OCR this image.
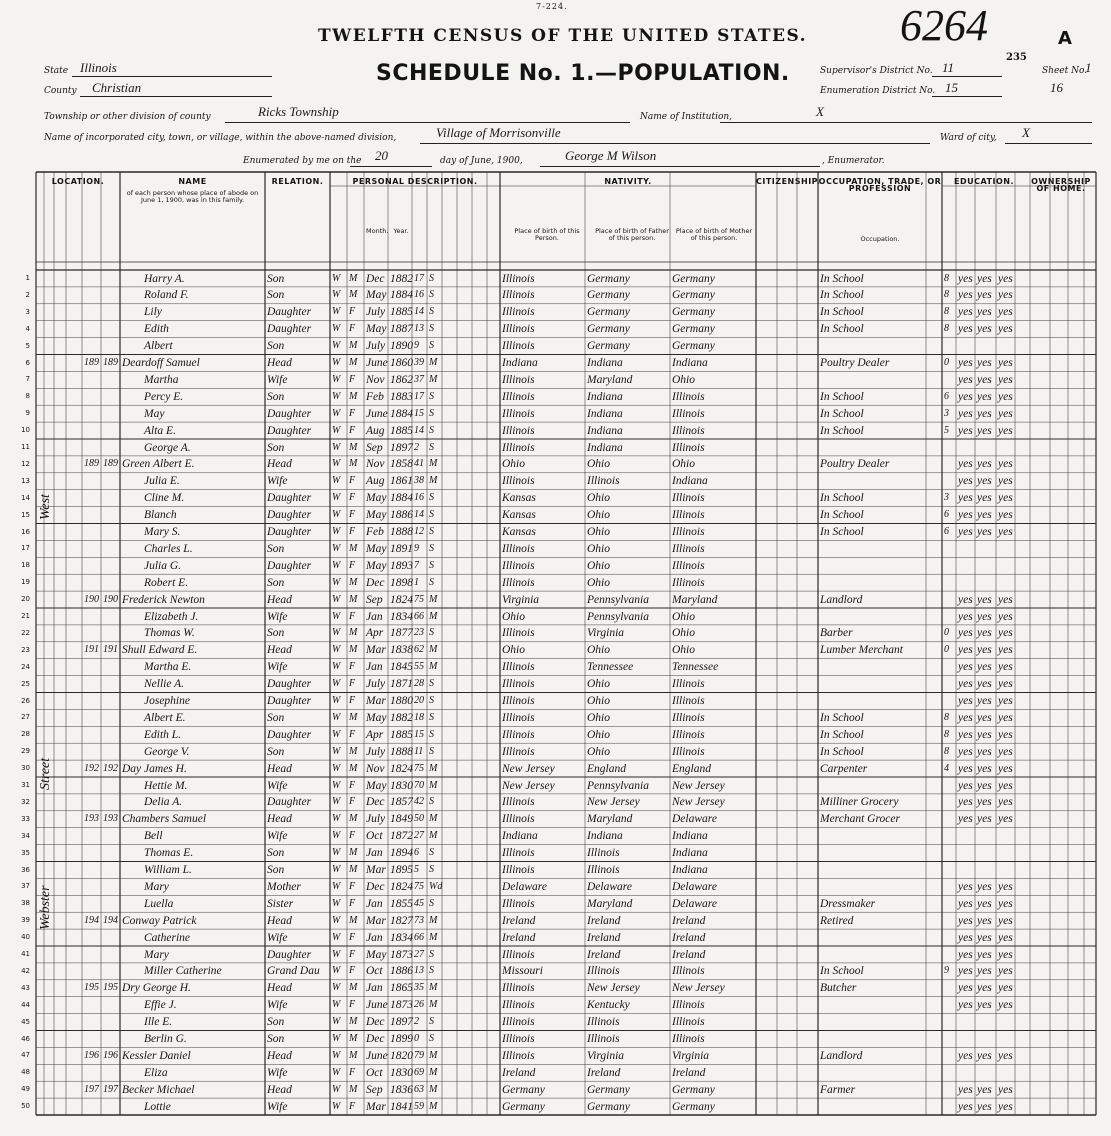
7-224.
TWELFTH CENSUS OF THE UNITED STATES.
SCHEDULE No. 1.—POPULATION.
6264	A
235
State Illinois
County Christian
Supervisor's District No. 11	Sheet No.
1
Enumeration District No. 15	16
Township or other division of county	Ricks Township	Name of Institution,	X
Name of incorporated city, town, or village, within the above-named division,	Village of Morrisonville	Ward of city, X
Enumerated by me on the 20	day of June, 1900,	George M Wilson	, Enumerator.
LOCATION.	NAME
of each person whose place of abode on June 1, 1900, was in this family.
RELATION.	PERSONAL DESCRIPTION.	NATIVITY.	CITIZENSHIP.
OCCUPATION, TRADE, OR PROFESSION
EDUCATION.	OWNERSHIP OF HOME.
Place of birth of this Person.
Place of birth of Father of this person.
Place of birth of Mother of this person.	Occupation.
Month. Year.
West
Street
Webster
1	Harry A.	Son	W M Dec 1882 17 S	Illinois	Germany	Germany	In School	8 yes yes yes
2	Roland F.	Son	W M May 1884 16 S	Illinois	Germany	Germany	In School	8 yes yes yes
3	Lily	Daughter	W F July 1885 14 S	Illinois	Germany	Germany	In School	8 yes yes yes
4	Edith	Daughter	W F May 1887 13 S	Illinois	Germany	Germany	In School	8 yes yes yes
5	Albert	Son	W M July 1890 9	S	Illinois	Germany	Germany
6	189 189 Deardoff Samuel	Head	W M June 1860 39 M	Indiana	Indiana	Indiana	Poultry Dealer	0 yes yes yes
7	Martha	Wife	W F Nov 1862 37 M	Illinois	Maryland	Ohio	yes yes yes
8	Percy E.	Son	W M Feb 1883 17 S	Illinois	Indiana	Illinois	In School	6 yes yes yes
9	May	Daughter	W F June 1884 15 S	Illinois	Indiana	Illinois	In School	3 yes yes yes
10	Alta E.	Daughter	W F Aug 1885 14 S	Illinois	Indiana	Illinois	In School	5 yes yes yes
11	George A.	Son	W M Sep 1897 2	S	Illinois	Indiana	Illinois
12	189 189 Green Albert E.	Head	W M Nov 1858 41 M	Ohio	Ohio	Ohio	Poultry Dealer	yes yes yes
13	Julia E.	Wife	W F Aug 1861 38 M	Illinois	Illinois	Indiana	yes yes yes
14	Cline M.	Daughter	W F May 1884 16 S	Kansas	Ohio	Illinois	In School	3 yes yes yes
15	Blanch	Daughter	W F May 1886 14 S	Kansas	Ohio	Illinois	In School	6 yes yes yes
16	Mary S.	Daughter	W F Feb 1888 12 S	Kansas	Ohio	Illinois	In School	6 yes yes yes
17	Charles L.	Son	W M May 1891 9	S	Illinois	Ohio	Illinois
18	Julia G.	Daughter	W F May 1893 7	S	Illinois	Ohio	Illinois
19	Robert E.	Son	W M Dec 1898 1	S	Illinois	Ohio	Illinois
20	190 190 Frederick Newton	Head	W M Sep 1824 75 M	Virginia	Pennsylvania	Maryland	Landlord	yes yes yes
21	Elizabeth J.	Wife	W F Jan 1834 66 M	Ohio	Pennsylvania	Ohio	yes yes yes
22	Thomas W.	Son	W M Apr 1877 23 S	Illinois	Virginia	Ohio	Barber	0 yes yes yes
23	191 191 Shull Edward E.	Head	W M Mar 1838 62 M	Ohio	Ohio	Ohio	Lumber Merchant	0 yes yes yes
24	Martha E.	Wife	W F Jan 1845 55 M	Illinois	Tennessee	Tennessee	yes yes yes
25	Nellie A.	Daughter	W F July 1871 28 S	Illinois	Ohio	Illinois	yes yes yes
26	Josephine	Daughter	W F Mar 1880 20 S	Illinois	Ohio	Illinois	yes yes yes
27	Albert E.	Son	W M May 1882 18 S	Illinois	Ohio	Illinois	In School	8 yes yes yes
28	Edith L.	Daughter	W F Apr 1885 15 S	Illinois	Ohio	Illinois	In School	8 yes yes yes
29	George V.	Son	W M July 1888 11 S	Illinois	Ohio	Illinois	In School	8 yes yes yes
30	192 192 Day James H.	Head	W M Nov 1824 75 M	New Jersey	England	England	Carpenter	4 yes yes yes
31	Hettie M.	Wife	W F May 1830 70 M	New Jersey	Pennsylvania	New Jersey	yes yes yes
32	Delia A.	Daughter	W F Dec 1857 42 S	Illinois	New Jersey	New Jersey	Milliner Grocery	yes yes yes
33	193 193 Chambers Samuel	Head	W M July 1849 50 M	Illinois	Maryland	Delaware	Merchant Grocer	yes yes yes
34	Bell	Wife	W F Oct 1872 27 M	Indiana	Indiana	Indiana
35	Thomas E.	Son	W M Jan 1894 6	S	Illinois	Illinois	Indiana
36	William L.	Son	W M Mar 1895 5	S	Illinois	Illinois	Indiana
37	Mary	Mother	W F Dec 1824 75 Wd	Delaware	Delaware	Delaware	yes yes yes
38	Luella	Sister	W F Jan 1855 45 S	Illinois	Maryland	Delaware	Dressmaker	yes yes yes
39	194 194 Conway Patrick	Head	W M Mar 1827 73 M	Ireland	Ireland	Ireland	Retired	yes yes yes
40	Catherine	Wife	W F Jan 1834 66 M	Ireland	Ireland	Ireland	yes yes yes
41	Mary	Daughter	W F May 1873 27 S	Illinois	Ireland	Ireland	yes yes yes
42	Miller Catherine	Grand Dau	W F Oct 1886 13 S	Missouri	Illinois	Illinois	In School	9 yes yes yes
43	195 195 Dry George H.	Head	W M Jan 1865 35 M	Illinois	New Jersey	New Jersey	Butcher	yes yes yes
44	Effie J.	Wife	W F June 1873 26 M	Illinois	Kentucky	Illinois	yes yes yes
45	Ille E.	Son	W M Dec 1897 2	S	Illinois	Illinois	Illinois
46	Berlin G.	Son	W M Dec 1899 0	S	Illinois	Illinois	Illinois
47	196 196 Kessler Daniel	Head	W M June 1820 79 M	Illinois	Virginia	Virginia	Landlord	yes yes yes
48	Eliza	Wife	W F Oct 1830 69 M	Ireland	Ireland	Ireland
49	197 197 Becker Michael	Head	W M Sep 1836 63 M	Germany	Germany	Germany	Farmer	yes yes yes
50	Lottie	Wife	W F Mar 1841 59 M	Germany	Germany	Germany	yes yes yes
